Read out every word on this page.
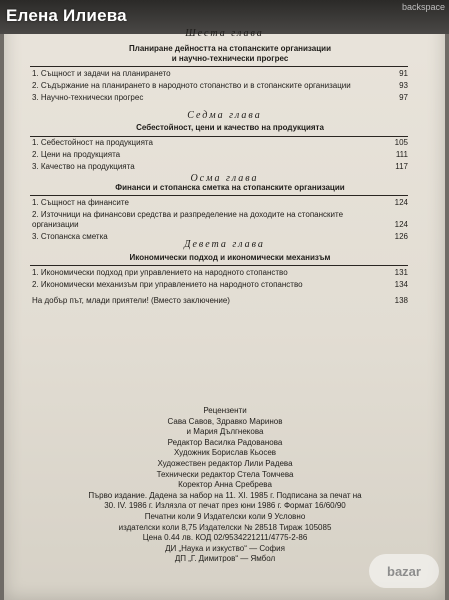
Елена Илиева	backspace
Шеста глава
Планиране дейността на стопанските организации
и научно-технически прогрес
1. Същност и задачи на планирането	91
2. Съдържание на планирането в народното стопанство и в стопанските организации	93
3. Научно-технически прогрес	97
Седма глава
Себестойност, цени и качество на продукцията
1. Себестойност на продукцията	105
2. Цени на продукцията	111
3. Качество на продукцията	117
Осма глава
Финанси и стопанска сметка на стопанските организации
1. Същност на финансите	124
2. Източници на финансови средства и разпределение на доходите на стопанските организации	124
3. Стопанска сметка	126
Девета глава
Икономически подход и икономически механизъм
1. Икономически подход при управлението на народното стопанство	131
2. Икономически механизъм при управлението на народното стопанство	134
На добър път, млади приятели! (Вместо заключение)	138
Рецензенти
Сава Савов, Здравко Маринов
и Мария Дългнекова
Редактор Василка Радованова
Художник Борислав Кьосев
Художествен редактор Лили Радева
Технически редактор Стела Томчева
Коректор Анна Сребрева
Първо издание. Дадена за набор на 11. XI. 1985 г. Подписана за печат на
30. IV. 1986 г. Излязла от печат през юни 1986 г. Формат 16/60/90
Печатни коли 9 Издателски коли 9 Условно
издателски коли 8,75 Издателски № 28518 Тираж 105085
Цена 0.44 лв. КОД 02/9534221211/4775-2-86
ДИ „Наука и изкуство“ — София
ДП „Г. Димитров“ — Ямбол
bazar
